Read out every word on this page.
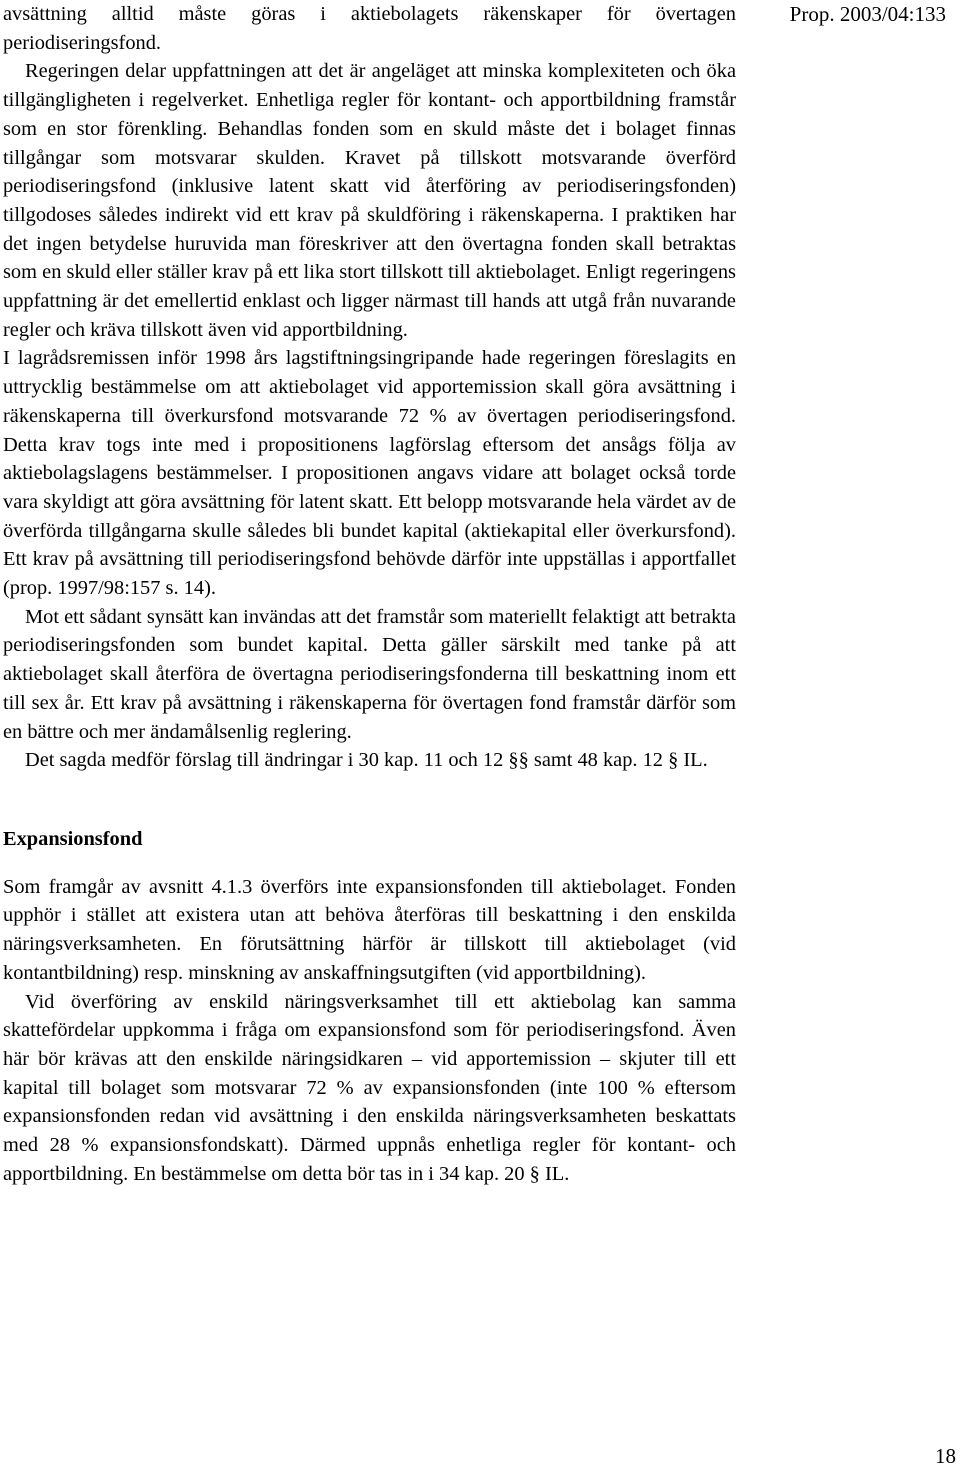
Prop. 2003/04:133

avsättning alltid måste göras i aktiebolagets räkenskaper för övertagen periodiseringsfond.

Regeringen delar uppfattningen att det är angeläget att minska komplexiteten och öka tillgängligheten i regelverket. Enhetliga regler för kontant- och apportbildning framstår som en stor förenkling. Behandlas fonden som en skuld måste det i bolaget finnas tillgångar som motsvarar skulden. Kravet på tillskott motsvarande överförd periodiseringsfond (inklusive latent skatt vid återföring av periodiseringsfonden) tillgodoses således indirekt vid ett krav på skuldföring i räkenskaperna. I praktiken har det ingen betydelse huruvida man föreskriver att den övertagna fonden skall betraktas som en skuld eller ställer krav på ett lika stort tillskott till aktiebolaget. Enligt regeringens uppfattning är det emellertid enklast och ligger närmast till hands att utgå från nuvarande regler och kräva tillskott även vid apportbildning.

I lagrådsremissen inför 1998 års lagstiftningsingripande hade regeringen föreslagits en uttrycklig bestämmelse om att aktiebolaget vid apportemission skall göra avsättning i räkenskaperna till överkursfond motsvarande 72 % av övertagen periodiseringsfond. Detta krav togs inte med i propositionens lagförslag eftersom det ansågs följa av aktiebolagslagens bestämmelser. I propositionen angavs vidare att bolaget också torde vara skyldigt att göra avsättning för latent skatt. Ett belopp motsvarande hela värdet av de överförda tillgångarna skulle således bli bundet kapital (aktiekapital eller överkursfond). Ett krav på avsättning till periodiseringsfond behövde därför inte uppställas i apportfallet (prop. 1997/98:157 s. 14).

Mot ett sådant synsätt kan invändas att det framstår som materiellt felaktigt att betrakta periodiseringsfonden som bundet kapital. Detta gäller särskilt med tanke på att aktiebolaget skall återföra de övertagna periodiseringsfonderna till beskattning inom ett till sex år. Ett krav på avsättning i räkenskaperna för övertagen fond framstår därför som en bättre och mer ändamålsenlig reglering.

Det sagda medför förslag till ändringar i 30 kap. 11 och 12 §§ samt 48 kap. 12 § IL.

Expansionsfond

Som framgår av avsnitt 4.1.3 överförs inte expansionsfonden till aktiebolaget. Fonden upphör i stället att existera utan att behöva återföras till beskattning i den enskilda näringsverksamheten. En förutsättning härför är tillskott till aktiebolaget (vid kontantbildning) resp. minskning av anskaffningsutgiften (vid apportbildning).

Vid överföring av enskild näringsverksamhet till ett aktiebolag kan samma skattefördelar uppkomma i fråga om expansionsfond som för periodiseringsfond. Även här bör krävas att den enskilde näringsidkaren – vid apportemission – skjuter till ett kapital till bolaget som motsvarar 72 % av expansionsfonden (inte 100 % eftersom expansionsfonden redan vid avsättning i den enskilda näringsverksamheten beskattats med 28 % expansionsfondskatt). Därmed uppnås enhetliga regler för kontant- och apportbildning. En bestämmelse om detta bör tas in i 34 kap. 20 § IL.

18
